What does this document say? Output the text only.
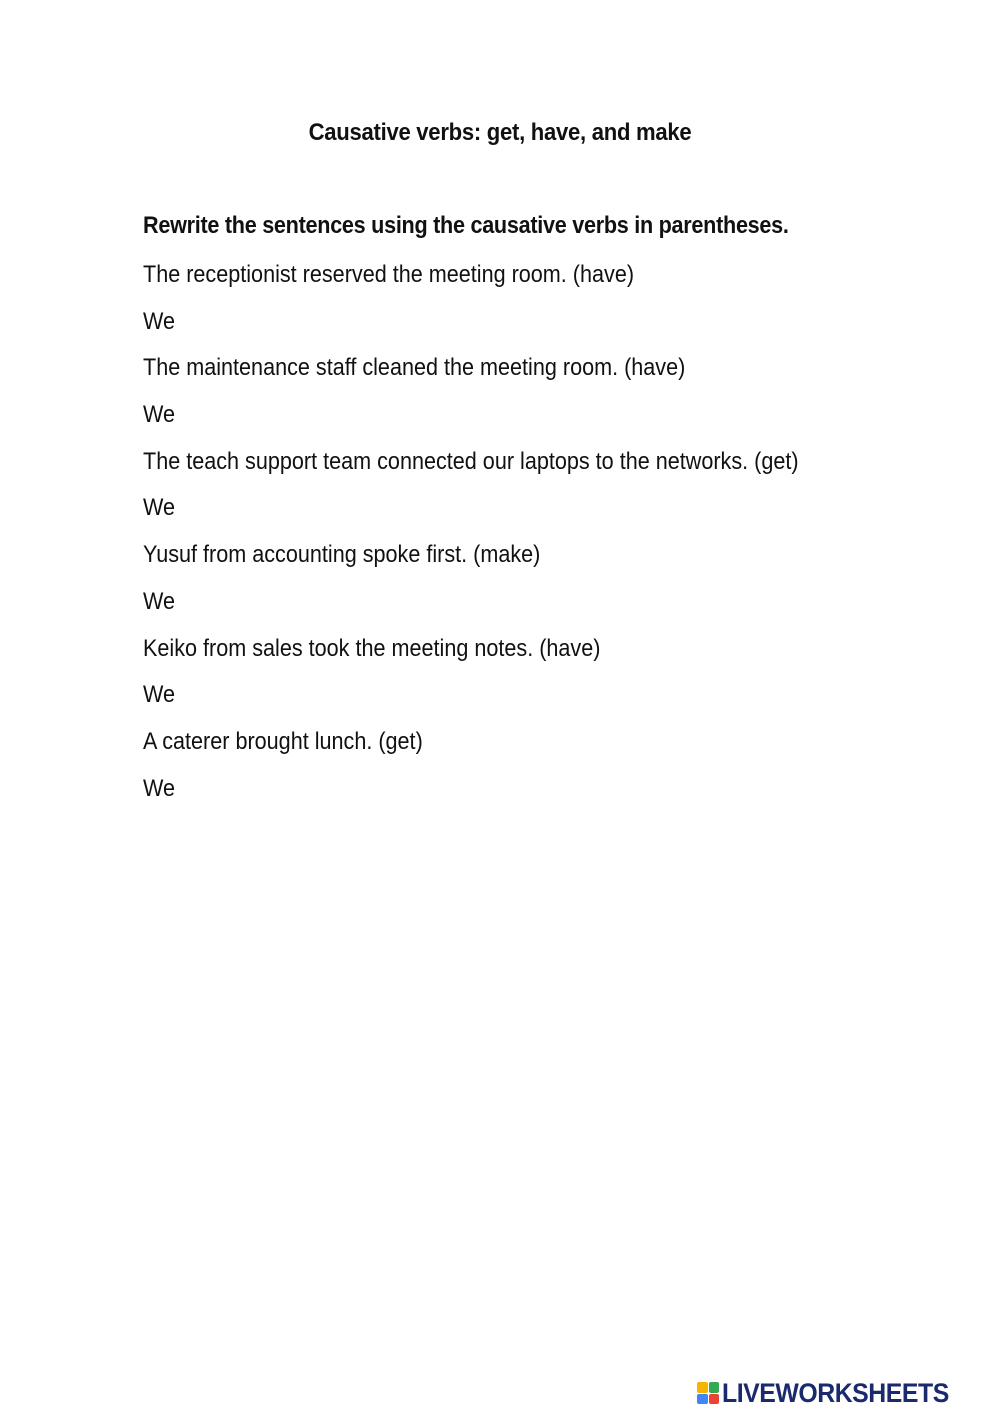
Causative verbs: get, have, and make
Rewrite the sentences using the causative verbs in parentheses.
The receptionist reserved the meeting room. (have)
We
The maintenance staff cleaned the meeting room. (have)
We
The teach support team connected our laptops to the networks. (get)
We
Yusuf from accounting spoke first. (make)
We
Keiko from sales took the meeting notes. (have)
We
A caterer brought lunch. (get)
We
LIVEWORKSHEETS
